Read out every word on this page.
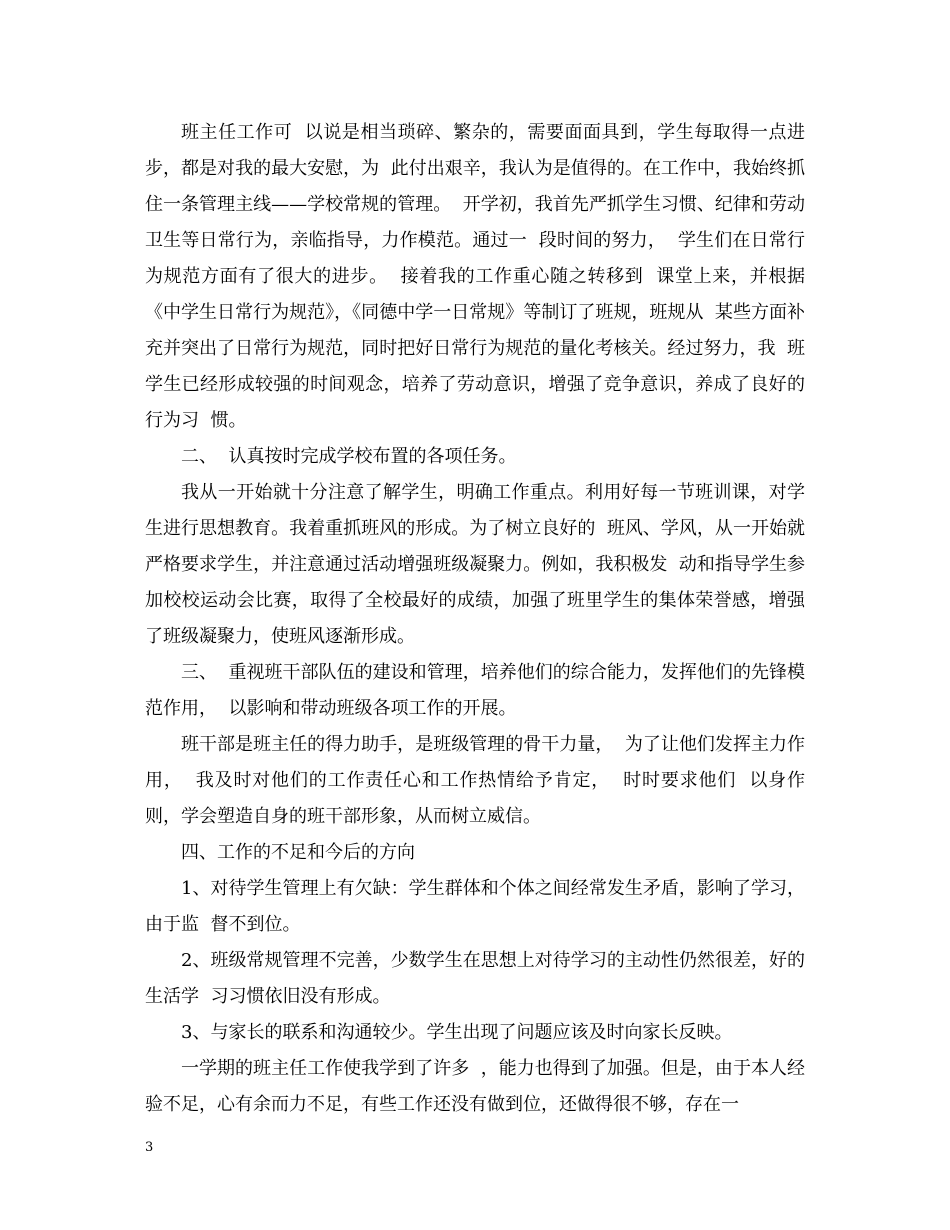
班主任工作可  以说是相当琐碎、繁杂的，需要面面具到，学生每取得一点进步，都是对我的最大安慰，为  此付出艰辛，我认为是值得的。在工作中，我始终抓住一条管理主线——学校常规的管理。  开学初，我首先严抓学生习惯、纪律和劳动卫生等日常行为，亲临指导，力作模范。通过一  段时间的努力，  学生们在日常行为规范方面有了很大的进步。  接着我的工作重心随之转移到  课堂上来，并根据《中学生日常行为规范》，《同德中学一日常规》等制订了班规，班规从  某些方面补充并突出了日常行为规范，同时把好日常行为规范的量化考核关。经过努力，我  班学生已经形成较强的时间观念，培养了劳动意识，增强了竞争意识，养成了良好的行为习  惯。

二、  认真按时完成学校布置的各项任务。

我从一开始就十分注意了解学生，明确工作重点。利用好每一节班训课，对学生进行思想教育。我着重抓班风的形成。为了树立良好的  班风、学风，从一开始就严格要求学生，并注意通过活动增强班级凝聚力。例如，我积极发  动和指导学生参加校校运动会比赛，取得了全校最好的成绩，加强了班里学生的集体荣誉感，增强了班级凝聚力，使班风逐渐形成。

三、  重视班干部队伍的建设和管理，培养他们的综合能力，发挥他们的先锋模范作用，  以影响和带动班级各项工作的开展。

班干部是班主任的得力助手，是班级管理的骨干力量，  为了让他们发挥主力作用，  我及时对他们的工作责任心和工作热情给予肯定，  时时要求他们  以身作则，学会塑造自身的班干部形象，从而树立威信。

四、工作的不足和今后的方向

1、对待学生管理上有欠缺：学生群体和个体之间经常发生矛盾，影响了学习，由于监  督不到位。

2、班级常规管理不完善，少数学生在思想上对待学习的主动性仍然很差，好的生活学  习习惯依旧没有形成。

3、与家长的联系和沟通较少。学生出现了问题应该及时向家长反映。

一学期的班主任工作使我学到了许多  ，能力也得到了加强。但是，由于本人经验不足，心有余而力不足，有些工作还没有做到位，还做得很不够，存在一

3
